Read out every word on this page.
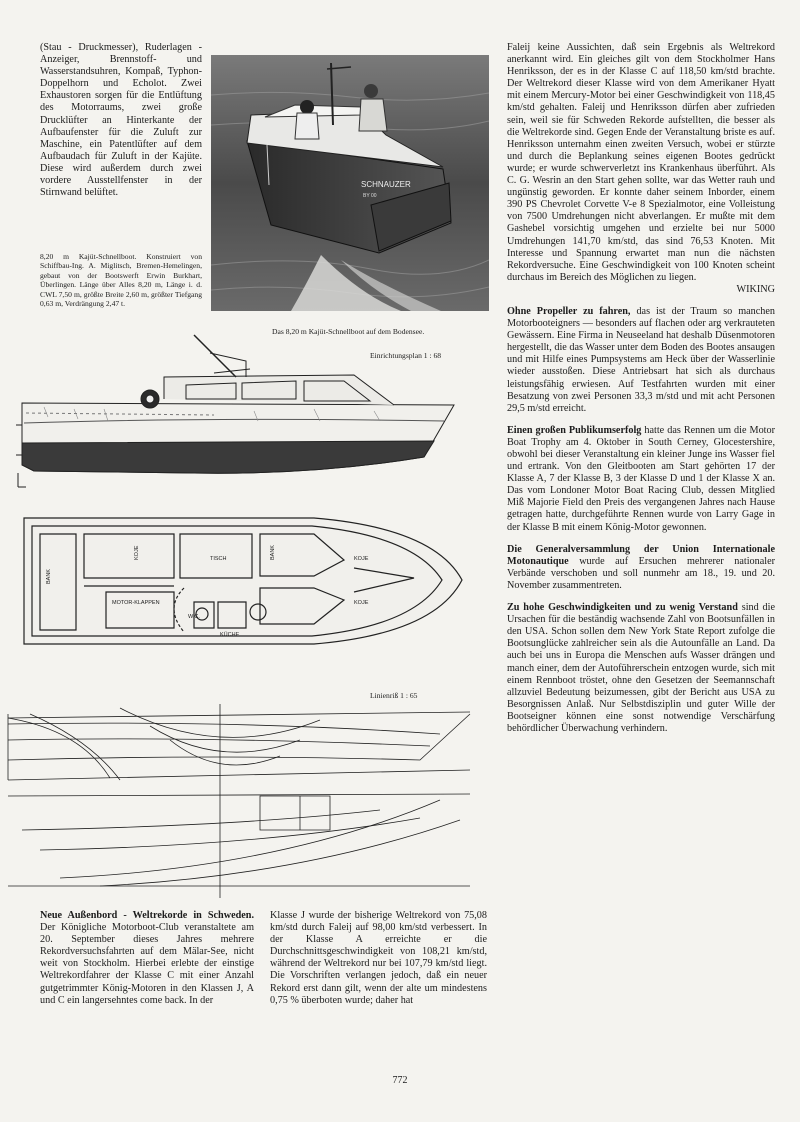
(Stau - Druckmesser), Ruderlagen - Anzeiger, Brennstoff- und Wasserstandsuhren, Kompaß, Typhon-Doppelhorn und Echolot. Zwei Exhaustoren sorgen für die Entlüftung des Motorraums, zwei große Drucklüfter an Hinterkante der Aufbaufenster für die Zuluft zur Maschine, ein Patentlüfter auf dem Aufbaudach für Zuluft in der Kajüte. Diese wird außerdem durch zwei vordere Ausstellfenster in der Stirnwand belüftet.

8,20 m Kajüt-Schnellboot. Konstruiert von Schiffbau-Ing. A. Miglitsch, Bremen-Hemelingen, gebaut von der Bootswerft Erwin Burkhart, Überlingen. Länge über Alles 8,20 m, Länge i. d. CWL 7,50 m, größte Breite 2,60 m, größter Tiefgang 0,63 m, Verdrängung 2,47 t.
SCHNAUZER
BY 00
Das 8,20 m Kajüt-Schnellboot auf dem Bodensee.
Einrichtungsplan 1 : 68
BANK
MOTOR-KLAPPEN
TISCH
KOJE	BANK
W.C.
KÜCHE
KOJE
KOJE
Linienriß 1 : 65

Faleij keine Aussichten, daß sein Ergebnis als Weltrekord anerkannt wird. Ein gleiches gilt von dem Stockholmer Hans Henriksson, der es in der Klasse C auf 118,50 km/std brachte. Der Weltrekord dieser Klasse wird von dem Amerikaner Hyatt mit einem Mercury-Motor bei einer Geschwindigkeit von 118,45 km/std gehalten. Faleij und Henriksson dürfen aber zufrieden sein, weil sie für Schweden Rekorde aufstellten, die besser als die Weltrekorde sind. Gegen Ende der Veranstaltung briste es auf. Henriksson unternahm einen zweiten Versuch, wobei er stürzte und durch die Beplankung seines eigenen Bootes gedrückt wurde; er wurde schwerverletzt ins Krankenhaus überführt. Als C. G. Wesrin an den Start gehen sollte, war das Wetter rauh und ungünstig geworden. Er konnte daher seinem Inborder, einem 390 PS Chevrolet Corvette V-e 8 Spezialmotor, eine Volleistung von 7500 Umdrehungen nicht abverlangen. Er mußte mit dem Gashebel vorsichtig umgehen und erzielte bei nur 5000 Umdrehungen 141,70 km/std, das sind 76,53 Knoten. Mit Interesse und Spannung erwartet man nun die nächsten Rekordversuche. Eine Geschwindigkeit von 100 Knoten scheint durchaus im Bereich des Möglichen zu liegen.

WIKING

Ohne Propeller zu fahren, das ist der Traum so manchen Motorbooteigners — besonders auf flachen oder arg verkrauteten Gewässern. Eine Firma in Neuseeland hat deshalb Düsenmotoren hergestellt, die das Wasser unter dem Boden des Bootes ansaugen und mit Hilfe eines Pumpsystems am Heck über der Wasserlinie wieder ausstoßen. Diese Antriebsart hat sich als durchaus leistungsfähig erwiesen. Auf Testfahrten wurden mit einer Besatzung von zwei Personen 33,3 m/std und mit acht Personen 29,5 m/std erreicht.

Einen großen Publikumserfolg hatte das Rennen um die Motor Boat Trophy am 4. Oktober in South Cerney, Glocestershire, obwohl bei dieser Veranstaltung ein kleiner Junge ins Wasser fiel und ertrank. Von den Gleitbooten am Start gehörten 17 der Klasse A, 7 der Klasse B, 3 der Klasse D und 1 der Klasse X an. Das vom Londoner Motor Boat Racing Club, dessen Mitglied Miß Majorie Field den Preis des vergangenen Jahres nach Hause getragen hatte, durchgeführte Rennen wurde von Larry Gage in der Klasse B mit einem König-Motor gewonnen.

Die Generalversammlung der Union Internationale Motonautique wurde auf Ersuchen mehrerer nationaler Verbände verschoben und soll nunmehr am 18., 19. und 20. November zusammentreten.

Zu hohe Geschwindigkeiten und zu wenig Verstand sind die Ursachen für die beständig wachsende Zahl von Bootsunfällen in den USA. Schon sollen dem New York State Report zufolge die Bootsunglücke zahlreicher sein als die Autounfälle an Land. Da auch bei uns in Europa die Menschen aufs Wasser drängen und manch einer, dem der Autoführerschein entzogen wurde, sich mit einem Rennboot tröstet, ohne den Gesetzen der Seemannschaft allzuviel Bedeutung beizumessen, gibt der Bericht aus USA zu Besorgnissen Anlaß. Nur Selbstdisziplin und guter Wille der Bootseigner können eine sonst notwendige Verschärfung behördlicher Überwachung verhindern.

Neue Außenbord - Weltrekorde in Schweden. Der Königliche Motorboot-Club veranstaltete am 20. September dieses Jahres mehrere Rekordversuchsfahrten auf dem Mälar-See, nicht weit von Stockholm. Hierbei erlebte der einstige Weltrekordfahrer der Klasse C mit einer Anzahl gutgetrimmter König-Motoren in den Klassen J, A und C ein langersehntes come back. In der

Klasse J wurde der bisherige Weltrekord von 75,08 km/std durch Faleij auf 98,00 km/std verbessert. In der Klasse A erreichte er die Durchschnittsgeschwindigkeit von 108,21 km/std, während der Weltrekord nur bei 107,79 km/std liegt. Die Vorschriften verlangen jedoch, daß ein neuer Rekord erst dann gilt, wenn der alte um mindestens 0,75 % überboten wurde; daher hat

772
